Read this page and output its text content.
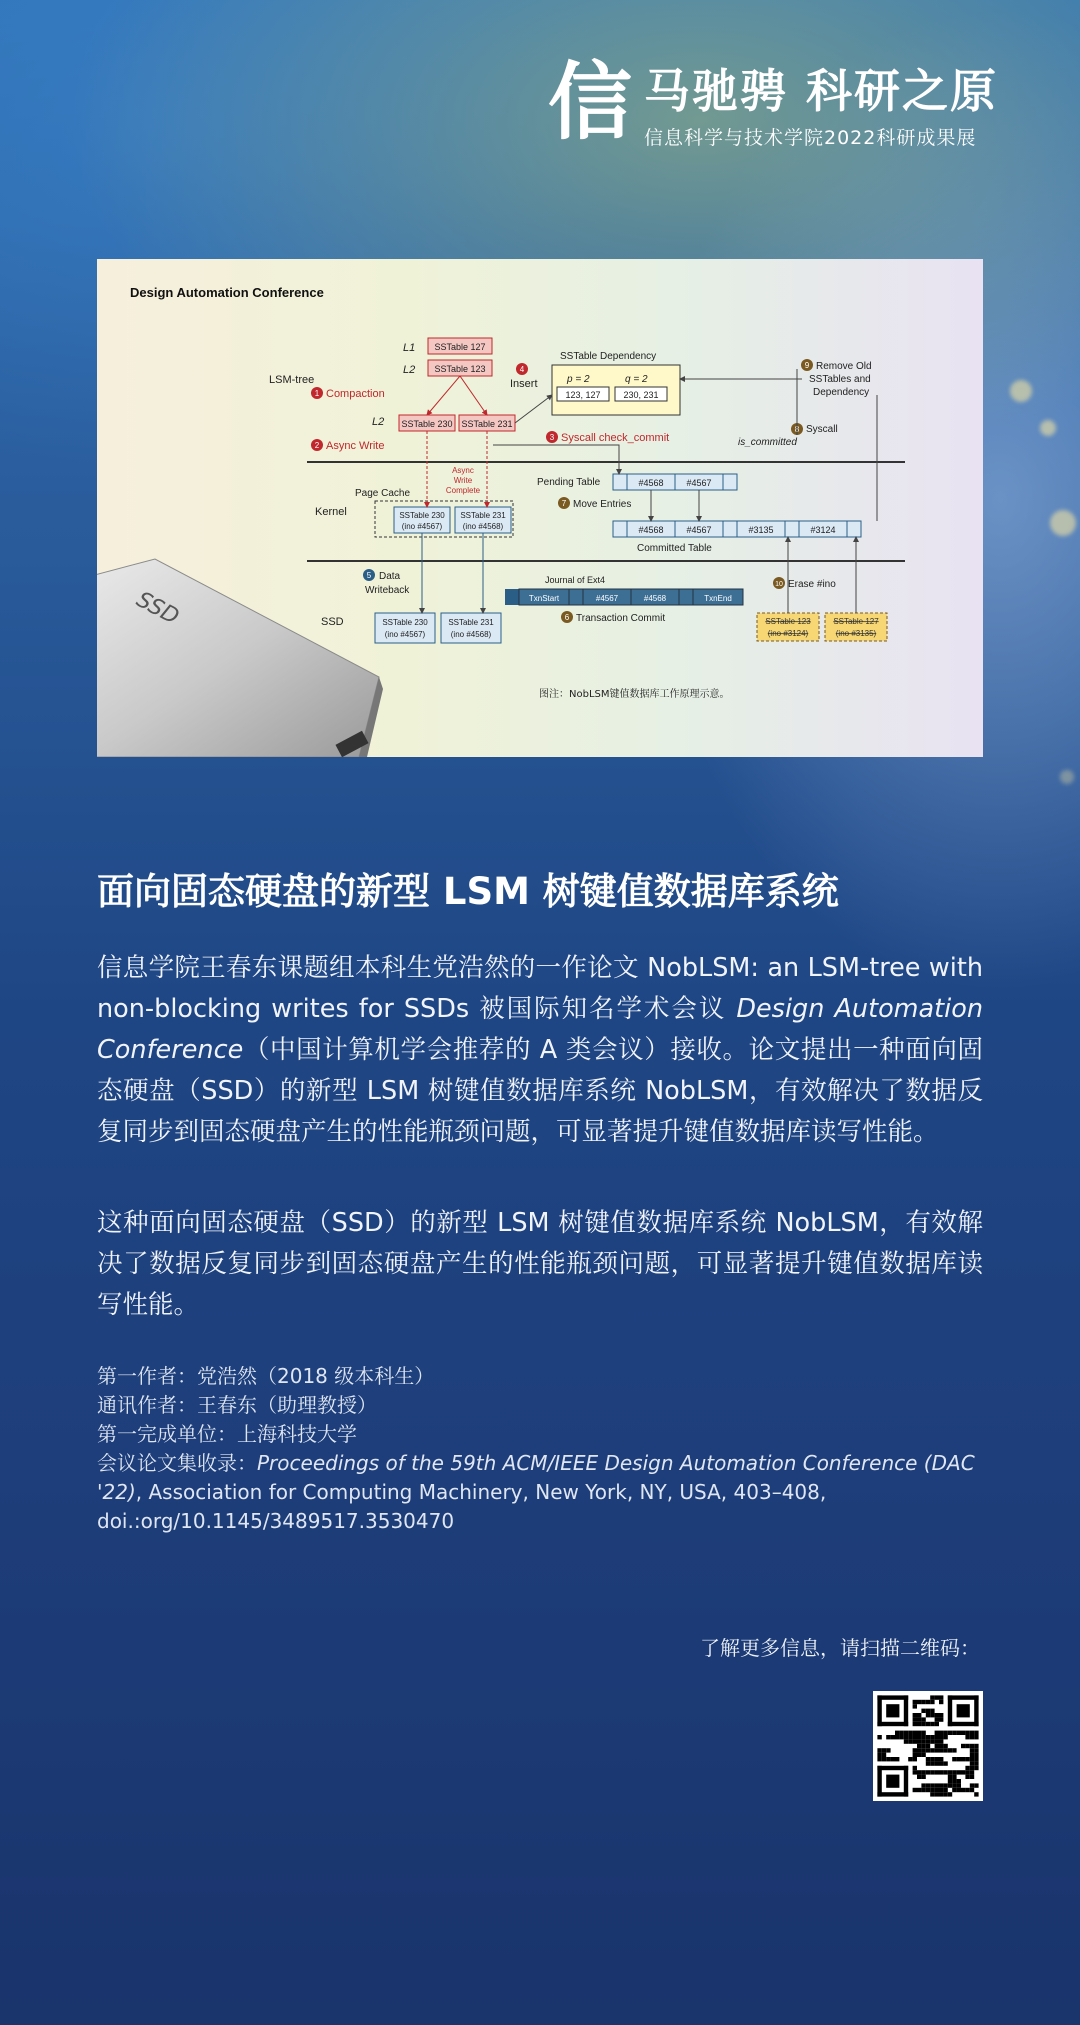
信 马驰骋 科研之原
信息科学与技术学院2022科研成果展
SSD
LSM-tree
L1
L2
L2
SSTable 127
SSTable 123
1 Compaction
4
Insert
SSTable 230 SSTable 231
2 Async Write
Async
Write
Complete
SSTable Dependency
p = 2	q = 2
123, 127	230, 231
3 Syscall check_commit
8 Syscall
is_committed
9 Remove Old
SSTables and
Dependency
Page Cache
Kernel	SSTable 230
(ino #4567)
SSTable 231
(ino #4568)
Pending Table	#4568	#4567
7 Move Entries
#4568	#4567	#3135	#3124
Committed Table
5 Data
Writeback
SSD	SSTable 230
(ino #4567)
SSTable 231
(ino #4568)
Journal of Ext4
TxnStart	#4567	#4568	TxnEnd
6 Transaction Commit
10 Erase #ino
SSTable 123
(ino #3124)
SSTable 127
(ino #3135)
Design Automation Conference
图注：NobLSM键值数据库工作原理示意。
面向固态硬盘的新型 LSM 树键值数据库系统
信息学院王春东课题组本科生党浩然的一作论文 NobLSM: an LSM-tree with non-blocking writes for SSDs 被国际知名学术会议 Design Automation Conference（中国计算机学会推荐的 A 类会议）接收。论文提出一种面向固态硬盘（SSD）的新型 LSM 树键值数据库系统 NobLSM，有效解决了数据反复同步到固态硬盘产生的性能瓶颈问题，可显著提升键值数据库读写性能。
这种面向固态硬盘（SSD）的新型 LSM 树键值数据库系统 NobLSM，有效解决了数据反复同步到固态硬盘产生的性能瓶颈问题，可显著提升键值数据库读写性能。
第一作者：党浩然（2018 级本科生）
通讯作者：王春东（助理教授）
第一完成单位：上海科技大学
会议论文集收录：Proceedings of the 59th ACM/IEEE Design Automation Conference (DAC '22), Association for Computing Machinery, New York, NY, USA, 403–408, doi.:org/10.1145/3489517.3530470
了解更多信息，请扫描二维码：
